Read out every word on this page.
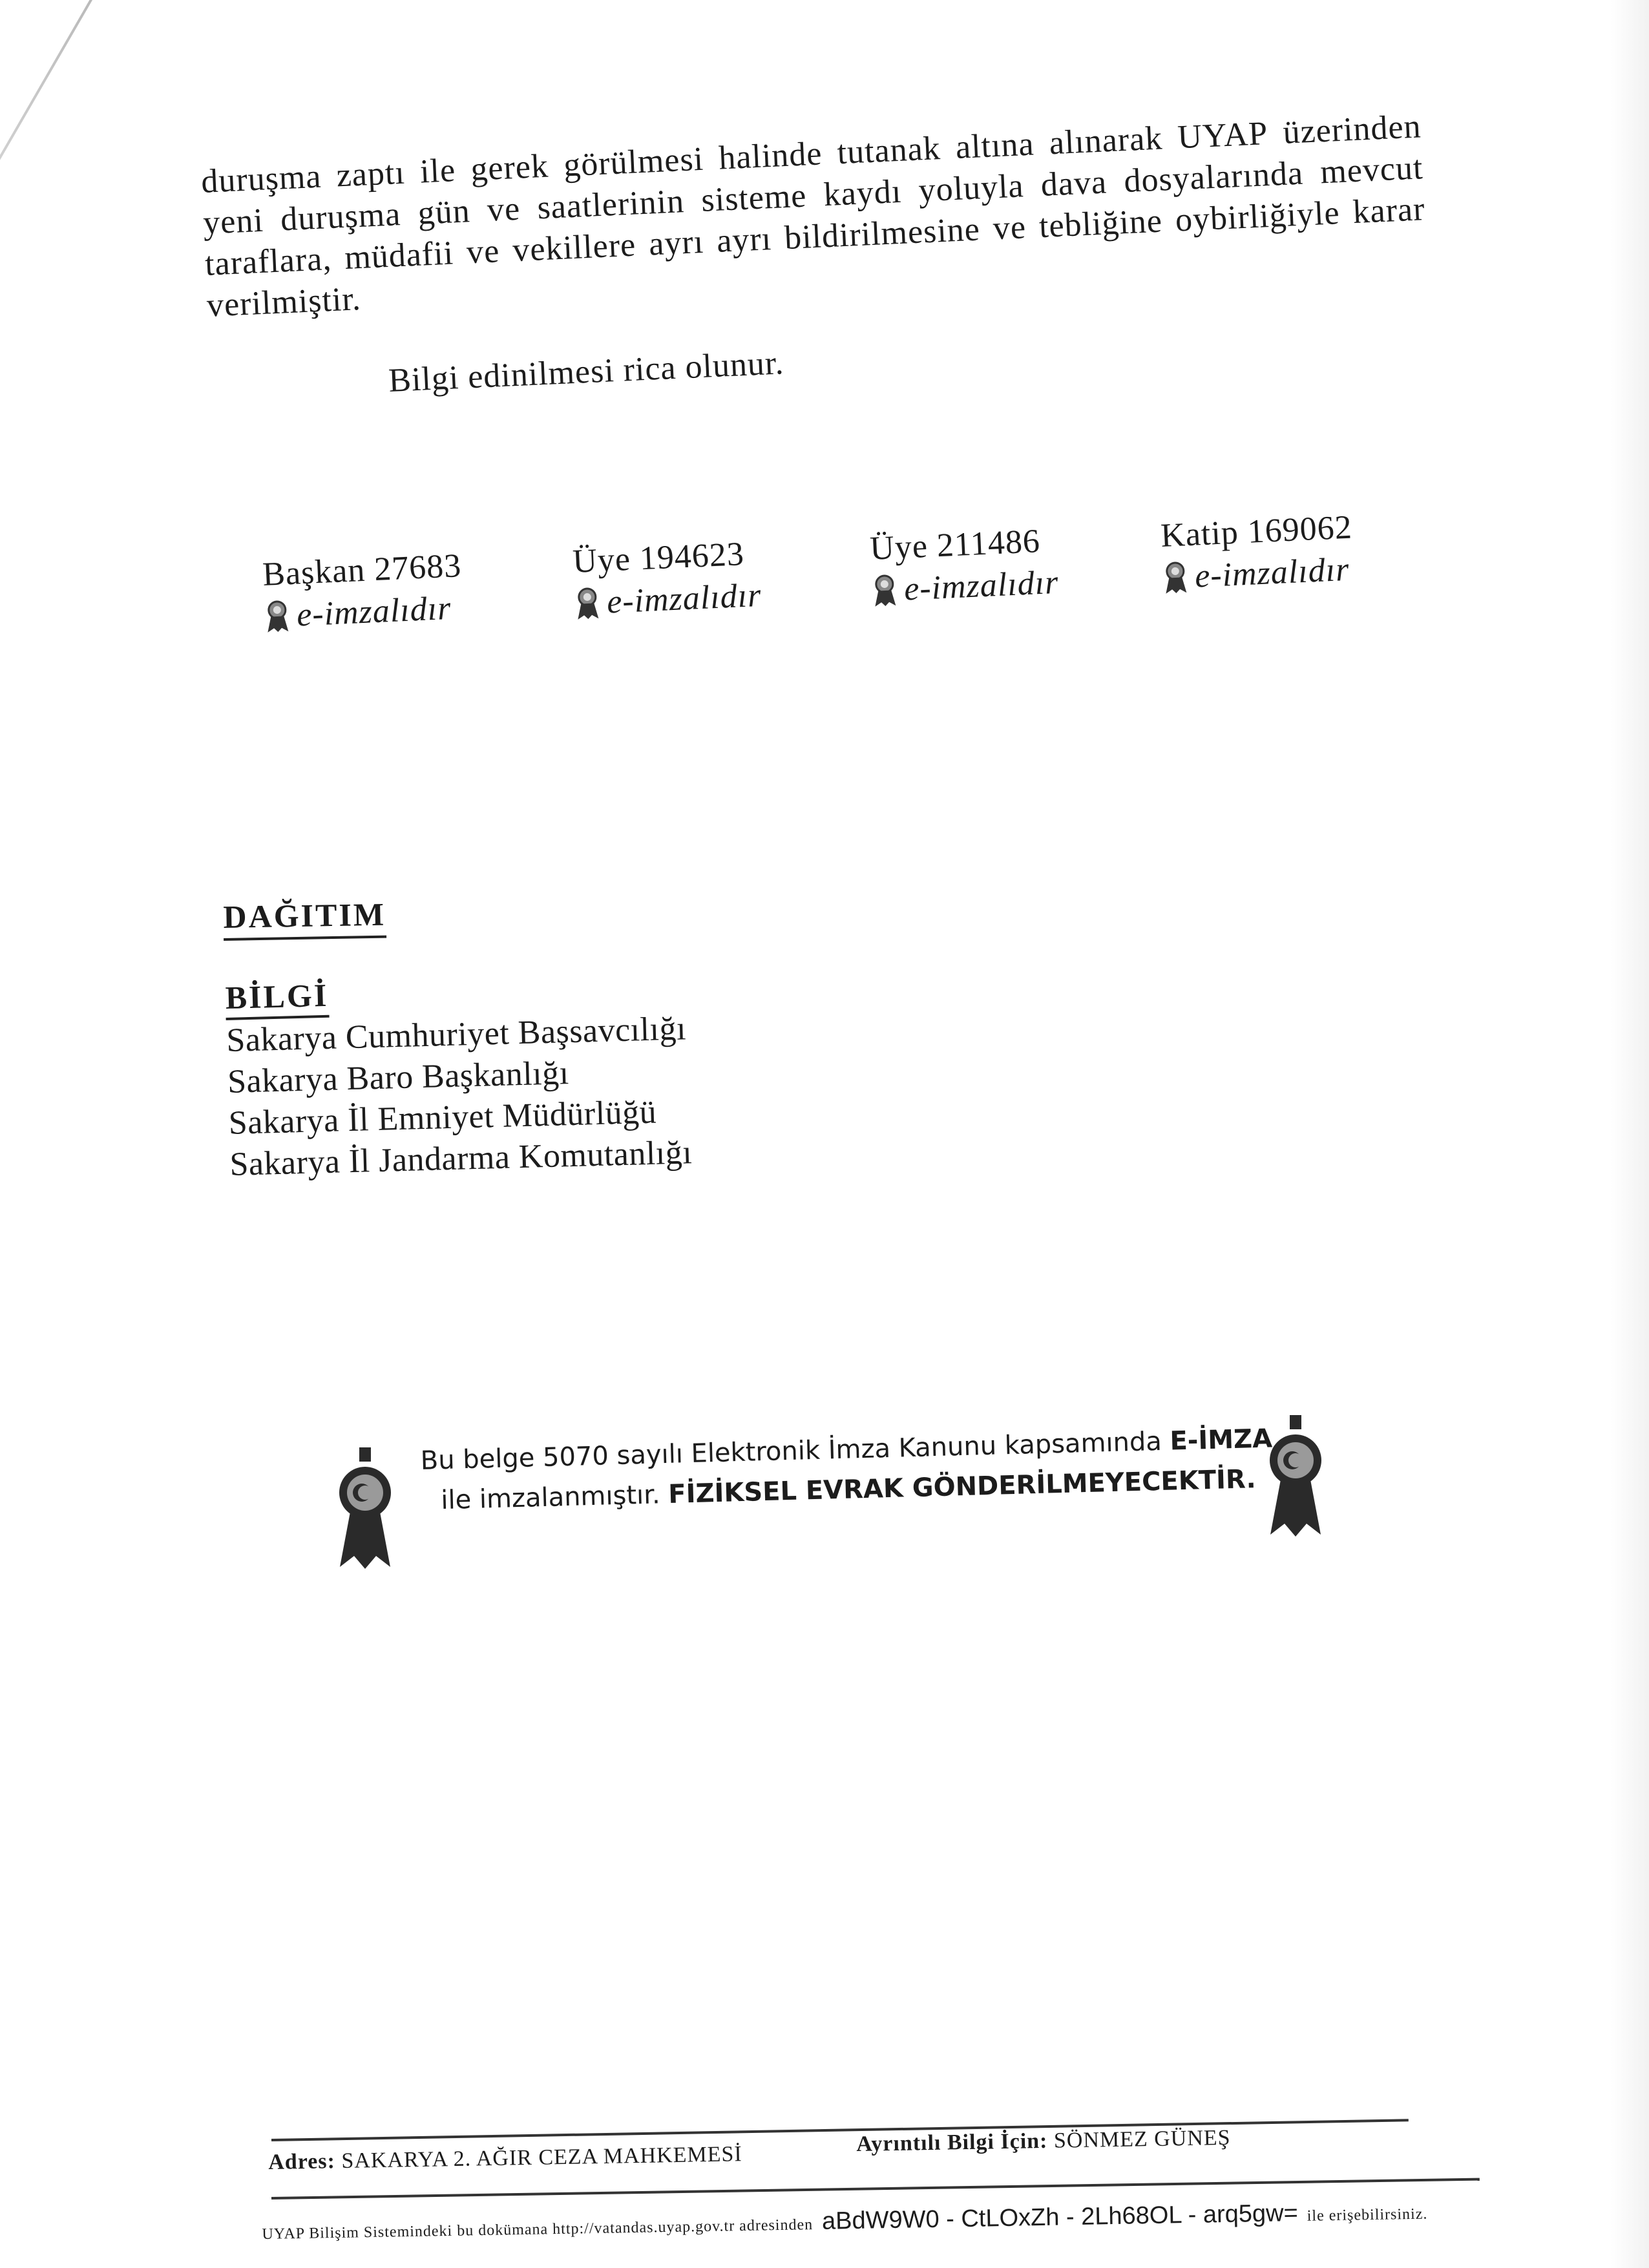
duruşma zaptı ile gerek görülmesi halinde tutanak altına alınarak UYAP üzerinden
yeni duruşma gün ve saatlerinin sisteme kaydı yoluyla dava dosyalarında mevcut
taraflara, müdafii ve vekillere ayrı ayrı bildirilmesine ve tebliğine oybirliğiyle karar
verilmiştir.
Bilgi edinilmesi rica olunur.
Başkan 27683
e-imzalıdır
Üye 194623
e-imzalıdır
Üye 211486
e-imzalıdır
Katip 169062
e-imzalıdır
DAĞITIM
BİLGİ
Sakarya Cumhuriyet Başsavcılığı
Sakarya Baro Başkanlığı
Sakarya İl Emniyet Müdürlüğü
Sakarya İl Jandarma Komutanlığı
Bu belge 5070 sayılı Elektronik İmza Kanunu kapsamında E-İMZA
ile imzalanmıştır. FİZİKSEL EVRAK GÖNDERİLMEYECEKTİR.
Ayrıntılı Bilgi İçin: SÖNMEZ GÜNEŞ
Adres: SAKARYA 2. AĞIR CEZA MAHKEMESİ
UYAP Bilişim Sistemindeki bu dokümana http://vatandas.uyap.gov.tr adresinden aBdW9W0 - CtLOxZh - 2Lh68OL - arq5gw= ile erişebilirsiniz.
